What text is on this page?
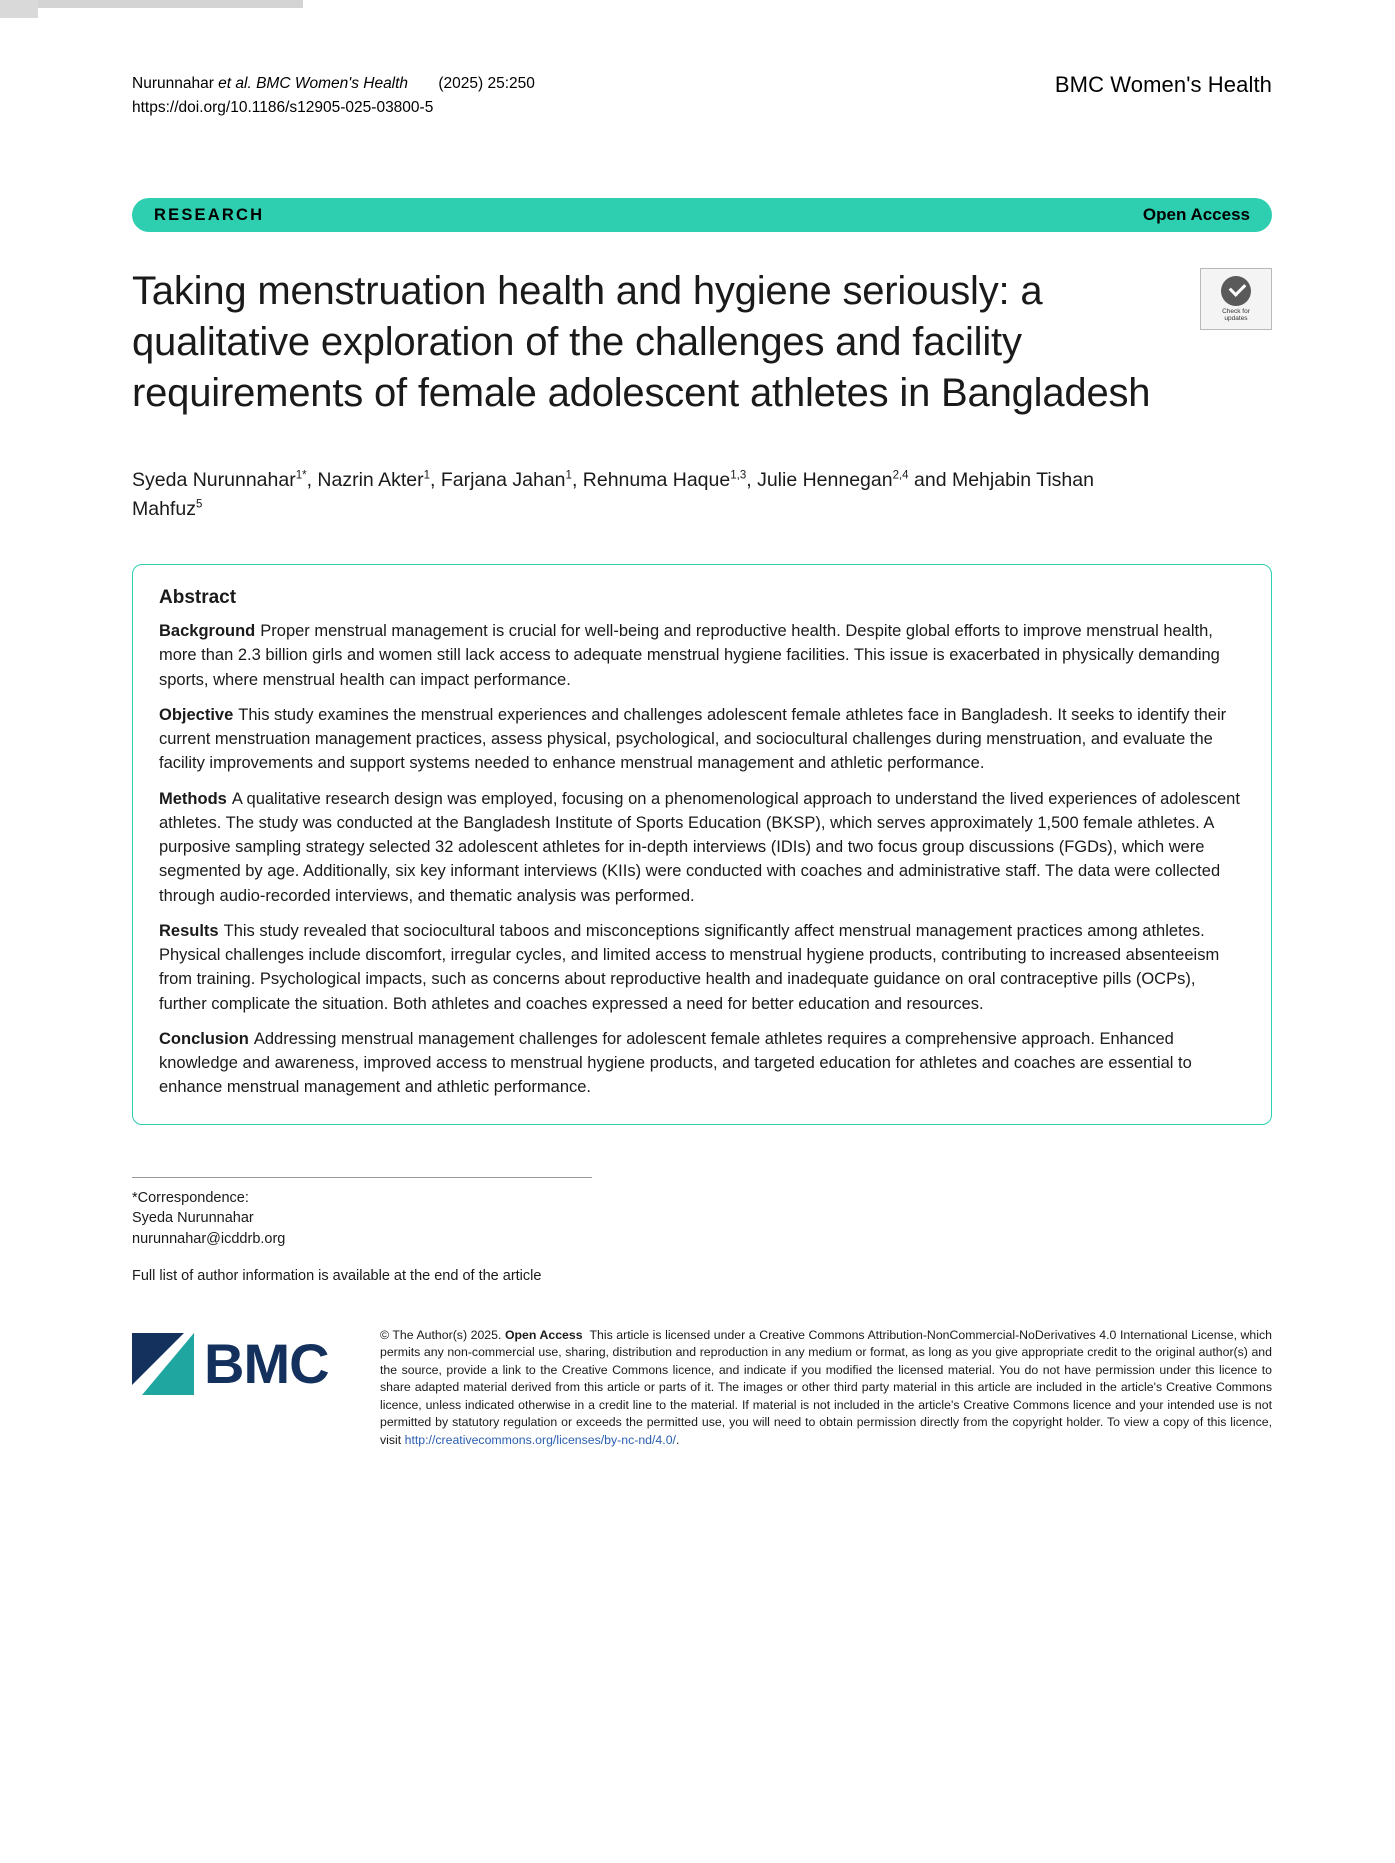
Nurunnahar et al. BMC Women's Health (2025) 25:250
https://doi.org/10.1186/s12905-025-03800-5
BMC Women's Health
RESEARCH	Open Access
Taking menstruation health and hygiene seriously: a qualitative exploration of the challenges and facility requirements of female adolescent athletes in Bangladesh
Check for
updates
Syeda Nurunnahar$^{1*}$, Nazrin Akter$^1$, Farjana Jahan$^1$, Rehnuma Haque$^{1,3}$, Julie Hennegan$^{2,4}$ and Mehjabin Tishan Mahfuz$^5$
Abstract
Background Proper menstrual management is crucial for well-being and reproductive health. Despite global efforts to improve menstrual health, more than 2.3 billion girls and women still lack access to adequate menstrual hygiene facilities. This issue is exacerbated in physically demanding sports, where menstrual health can impact performance.
Objective This study examines the menstrual experiences and challenges adolescent female athletes face in Bangladesh. It seeks to identify their current menstruation management practices, assess physical, psychological, and sociocultural challenges during menstruation, and evaluate the facility improvements and support systems needed to enhance menstrual management and athletic performance.
Methods A qualitative research design was employed, focusing on a phenomenological approach to understand the lived experiences of adolescent athletes. The study was conducted at the Bangladesh Institute of Sports Education (BKSP), which serves approximately 1,500 female athletes. A purposive sampling strategy selected 32 adolescent athletes for in-depth interviews (IDIs) and two focus group discussions (FGDs), which were segmented by age. Additionally, six key informant interviews (KIIs) were conducted with coaches and administrative staff. The data were collected through audio-recorded interviews, and thematic analysis was performed.
Results This study revealed that sociocultural taboos and misconceptions significantly affect menstrual management practices among athletes. Physical challenges include discomfort, irregular cycles, and limited access to menstrual hygiene products, contributing to increased absenteeism from training. Psychological impacts, such as concerns about reproductive health and inadequate guidance on oral contraceptive pills (OCPs), further complicate the situation. Both athletes and coaches expressed a need for better education and resources.
Conclusion Addressing menstrual management challenges for adolescent female athletes requires a comprehensive approach. Enhanced knowledge and awareness, improved access to menstrual hygiene products, and targeted education for athletes and coaches are essential to enhance menstrual management and athletic performance.
*Correspondence:
Syeda Nurunnahar
nurunnahar@icddrb.org
Full list of author information is available at the end of the article
BMC	© The Author(s) 2025. Open Access  This article is licensed under a Creative Commons Attribution-NonCommercial-NoDerivatives 4.0 International License, which permits any non-commercial use, sharing, distribution and reproduction in any medium or format, as long as you give appropriate credit to the original author(s) and the source, provide a link to the Creative Commons licence, and indicate if you modified the licensed material. You do not have permission under this licence to share adapted material derived from this article or parts of it. The images or other third party material in this article are included in the article's Creative Commons licence, unless indicated otherwise in a credit line to the material. If material is not included in the article's Creative Commons licence and your intended use is not permitted by statutory regulation or exceeds the permitted use, you will need to obtain permission directly from the copyright holder. To view a copy of this licence, visit http://creativecommons.org/licenses/by-nc-nd/4.0/.
